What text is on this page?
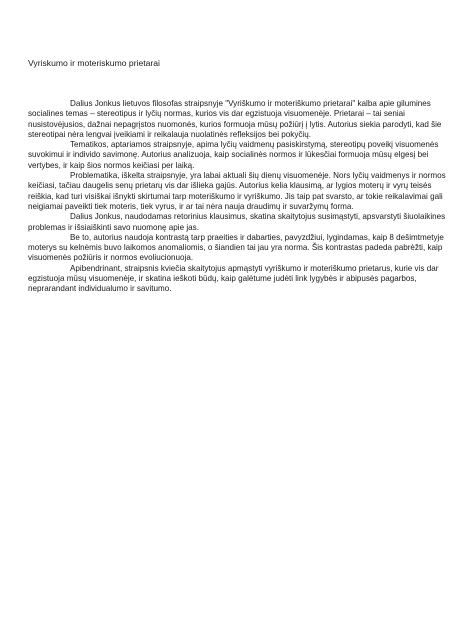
Vyriskumo ir moteriskumo prietarai

Dalius Jonkus lietuvos filosofas straipsnyje "Vyriškumo ir moteriškumo prietarai" kalba apie gilumines socialines temas – stereotipus ir lyčių normas, kurios vis dar egzistuoja visuomenėje. Prietarai – tai seniai nusistovėjusios, dažnai nepagrįstos nuomonės, kurios formuoja mūsų požiūrį į lytis. Autorius siekia parodyti, kad šie stereotipai nėra lengvai įveikiami ir reikalauja nuolatinės refleksijos bei pokyčių.

Tematikos, aptariamos straipsnyje, apima lyčių vaidmenų pasiskirstymą, stereotipų poveikį visuomenės suvokimui ir individo savimonę. Autorius analizuoja, kaip socialinės normos ir lūkesčiai formuoja mūsų elgesį bei vertybes, ir kaip šios normos keičiasi per laiką.

Problematika, iškelta straipsnyje, yra labai aktuali šių dienų visuomenėje. Nors lyčių vaidmenys ir normos keičiasi, tačiau daugelis senų prietarų vis dar išlieka gajūs. Autorius kelia klausimą, ar lygios moterų ir vyrų teisės reiškia, kad turi visiškai išnykti skirtumai tarp moteriškumo ir vyriškumo. Jis taip pat svarsto, ar tokie reikalavimai gali neigiamai paveikti tiek moteris, tiek vyrus, ir ar tai nėra nauja draudimų ir suvaržymų forma.

Dalius Jonkus, naudodamas retorinius klausimus, skatina skaitytojus susimąstyti, apsvarstyti šiuolaikines problemas ir išsiaiškinti savo nuomonę apie jas.

Be to, autorius naudoja kontrastą tarp praeities ir dabarties, pavyzdžiui, lygindamas, kaip 8 dešimtmetyje moterys su kelnėmis buvo laikomos anomaliomis, o šiandien tai jau yra norma. Šis kontrastas padeda pabrėžti, kaip visuomenės požiūris ir normos evoliucionuoja.

Apibendrinant, straipsnis kviečia skaitytojus apmąstyti vyriškumo ir moteriškumo prietarus, kurie vis dar egzistuoja mūsų visuomenėje, ir skatina ieškoti būdų, kaip galėtume judėti link lygybės ir abipusės pagarbos, neprarandant individualumo ir savitumo.
